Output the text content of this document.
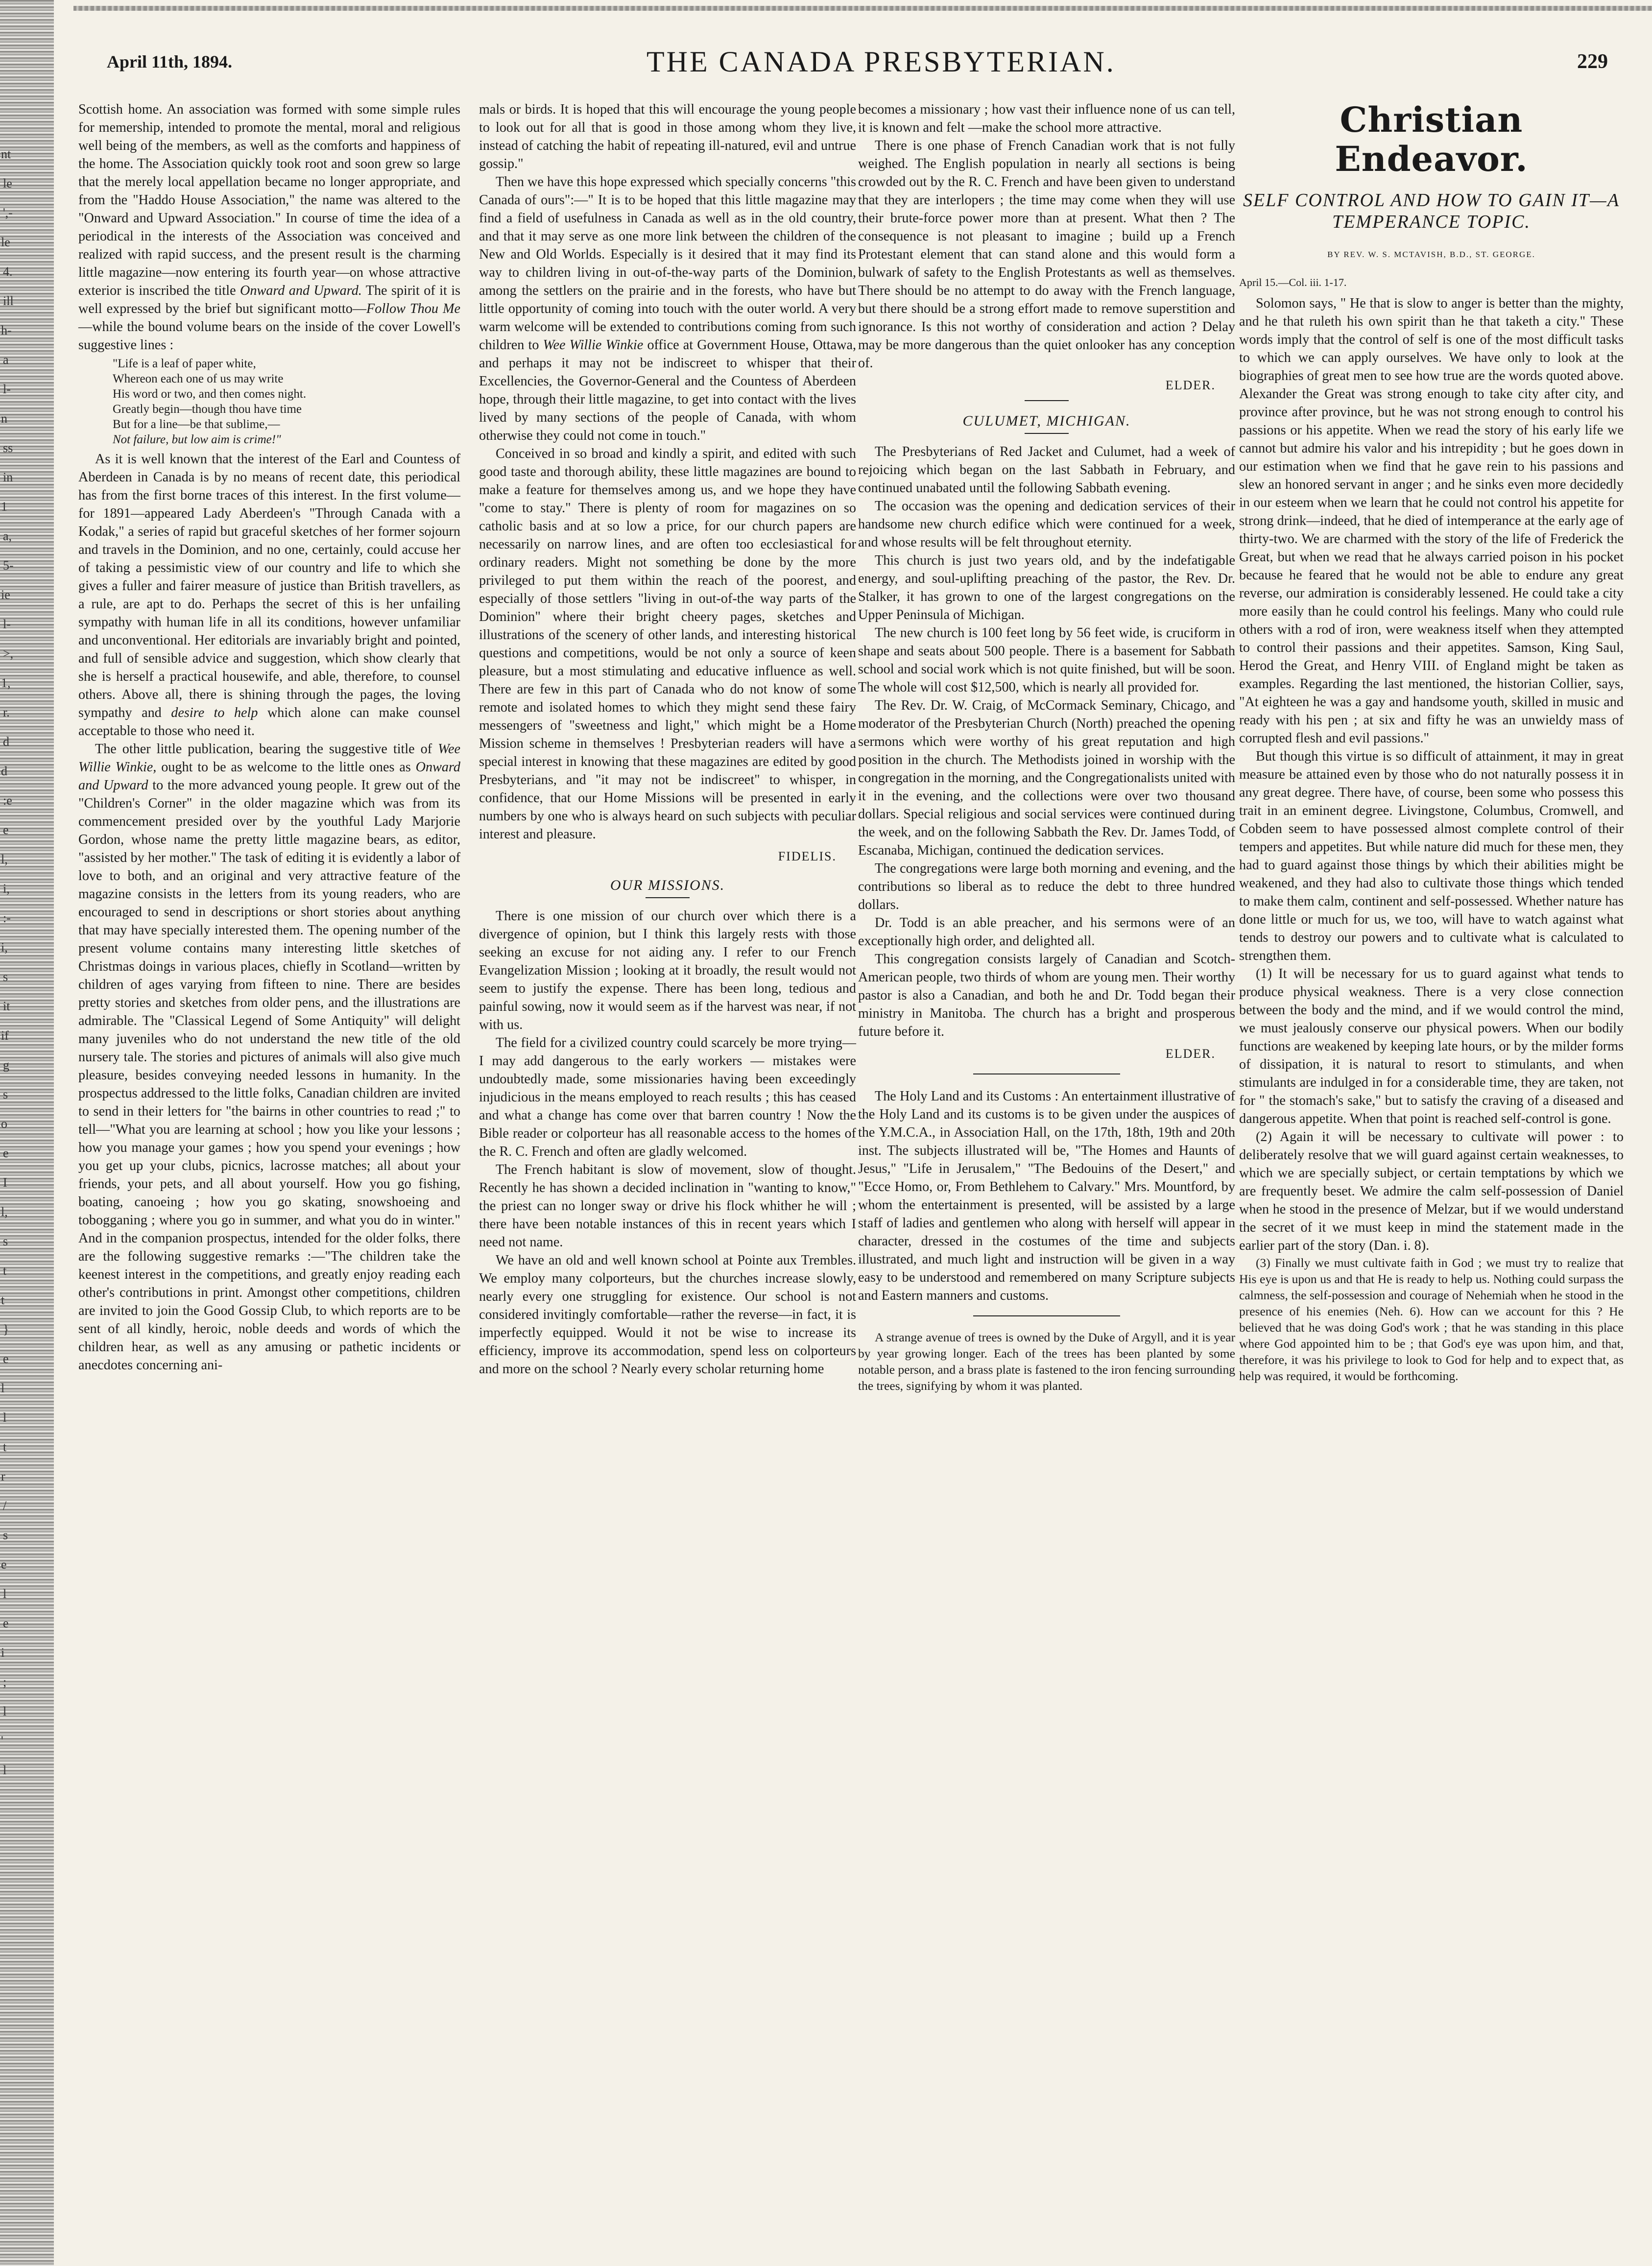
nt
le
',-
le
4.
ill
h-
a
l-
n
ss
in
1
a,
5-
ie
l-
>,
1,
r.
d
d
:e
e
l,
i,
:-
i,
s
it
if
g
s
o
e
I
l,
s
t
t
}
e
l
l
t
r
/
s
e
l
e
i
;
l
'
l
April 11th, 1894.	THE CANADA PRESBYTERIAN.	229

Scottish home. An association was formed with some simple rules for memership, intended to promote the mental, moral and religious well being of the members, as well as the comforts and happiness of the home. The Association quickly took root and soon grew so large that the merely local appellation became no longer appropriate, and from the "Haddo House Association," the name was altered to the "Onward and Upward Association." In course of time the idea of a periodical in the interests of the Association was conceived and realized with rapid success, and the present result is the charming little magazine—now entering its fourth year—on whose attractive exterior is inscribed the title Onward and Upward. The spirit of it is well expressed by the brief but significant motto—Follow Thou Me—while the bound volume bears on the inside of the cover Lowell's suggestive lines :

"Life is a leaf of paper white,
Whereon each one of us may write
His word or two, and then comes night.
Greatly begin—though thou have time
But for a line—be that sublime,—
Not failure, but low aim is crime!"

As it is well known that the interest of the Earl and Countess of Aberdeen in Canada is by no means of recent date, this periodical has from the first borne traces of this interest. In the first volume—for 1891—appeared Lady Aberdeen's "Through Canada with a Kodak," a series of rapid but graceful sketches of her former sojourn and travels in the Dominion, and no one, certainly, could accuse her of taking a pessimistic view of our country and life to which she gives a fuller and fairer measure of justice than British travellers, as a rule, are apt to do. Perhaps the secret of this is her unfailing sympathy with human life in all its conditions, however unfamiliar and unconventional. Her editorials are invariably bright and pointed, and full of sensible advice and suggestion, which show clearly that she is herself a practical housewife, and able, therefore, to counsel others. Above all, there is shining through the pages, the loving sympathy and desire to help which alone can make counsel acceptable to those who need it.

The other little publication, bearing the suggestive title of Wee Willie Winkie, ought to be as welcome to the little ones as Onward and Upward to the more advanced young people. It grew out of the "Children's Corner" in the older magazine which was from its commencement presided over by the youthful Lady Marjorie Gordon, whose name the pretty little magazine bears, as editor, "assisted by her mother." The task of editing it is evidently a labor of love to both, and an original and very attractive feature of the magazine consists in the letters from its young readers, who are encouraged to send in descriptions or short stories about anything that may have specially interested them. The opening number of the present volume contains many interesting little sketches of Christmas doings in various places, chiefly in Scotland—written by children of ages varying from fifteen to nine. There are besides pretty stories and sketches from older pens, and the illustrations are admirable. The "Classical Legend of Some Antiquity" will delight many juveniles who do not understand the new title of the old nursery tale. The stories and pictures of animals will also give much pleasure, besides conveying needed lessons in humanity. In the prospectus addressed to the little folks, Canadian children are invited to send in their letters for "the bairns in other countries to read ;" to tell—"What you are learning at school ; how you like your lessons ; how you manage your games ; how you spend your evenings ; how you get up your clubs, picnics, lacrosse matches; all about your friends, your pets, and all about yourself. How you go fishing, boating, canoeing ; how you go skating, snowshoeing and tobogganing ; where you go in summer, and what you do in winter." And in the companion prospectus, intended for the older folks, there are the following suggestive remarks :—"The children take the keenest interest in the competitions, and greatly enjoy reading each other's contributions in print. Amongst other competitions, children are invited to join the Good Gossip Club, to which reports are to be sent of all kindly, heroic, noble deeds and words of which the children hear, as well as any amusing or pathetic incidents or anecdotes concerning ani-

mals or birds. It is hoped that this will encourage the young people to look out for all that is good in those among whom they live, instead of catching the habit of repeating ill-natured, evil and untrue gossip."

Then we have this hope expressed which specially concerns "this Canada of ours":—" It is to be hoped that this little magazine may find a field of usefulness in Canada as well as in the old country, and that it may serve as one more link between the children of the New and Old Worlds. Especially is it desired that it may find its way to children living in out-of-the-way parts of the Dominion, among the settlers on the prairie and in the forests, who have but little opportunity of coming into touch with the outer world. A very warm welcome will be extended to contributions coming from such children to Wee Willie Winkie office at Government House, Ottawa, and perhaps it may not be indiscreet to whisper that their Excellencies, the Governor-General and the Countess of Aberdeen hope, through their little magazine, to get into contact with the lives lived by many sections of the people of Canada, with whom otherwise they could not come in touch."

Conceived in so broad and kindly a spirit, and edited with such good taste and thorough ability, these little magazines are bound to make a feature for themselves among us, and we hope they have "come to stay." There is plenty of room for magazines on so catholic basis and at so low a price, for our church papers are necessarily on narrow lines, and are often too ecclesiastical for ordinary readers. Might not something be done by the more privileged to put them within the reach of the poorest, and especially of those settlers "living in out-of-the way parts of the Dominion" where their bright cheery pages, sketches and illustrations of the scenery of other lands, and interesting historical questions and competitions, would be not only a source of keen pleasure, but a most stimulating and educative influence as well. There are few in this part of Canada who do not know of some remote and isolated homes to which they might send these fairy messengers of "sweetness and light," which might be a Home Mission scheme in themselves ! Presbyterian readers will have a special interest in knowing that these magazines are edited by good Presbyterians, and "it may not be indiscreet" to whisper, in confidence, that our Home Missions will be presented in early numbers by one who is always heard on such subjects with peculiar interest and pleasure.

FIDELIS.

OUR MISSIONS.

There is one mission of our church over which there is a divergence of opinion, but I think this largely rests with those seeking an excuse for not aiding any. I refer to our French Evangelization Mission ; looking at it broadly, the result would not seem to justify the expense. There has been long, tedious and painful sowing, now it would seem as if the harvest was near, if not with us.

The field for a civilized country could scarcely be more trying—I may add dangerous to the early workers — mistakes were undoubtedly made, some missionaries having been exceedingly injudicious in the means employed to reach results ; this has ceased and what a change has come over that barren country ! Now the Bible reader or colporteur has all reasonable access to the homes of the R. C. French and often are gladly welcomed.

The French habitant is slow of movement, slow of thought. Recently he has shown a decided inclination in "wanting to know," the priest can no longer sway or drive his flock whither he will ; there have been notable instances of this in recent years which I need not name.

We have an old and well known school at Pointe aux Trembles. We employ many colporteurs, but the churches increase slowly, nearly every one struggling for existence. Our school is not considered invitingly comfortable—rather the reverse—in fact, it is imperfectly equipped. Would it not be wise to increase its efficiency, improve its accommodation, spend less on colporteurs and more on the school ? Nearly every scholar returning home

becomes a missionary ; how vast their influence none of us can tell, it is known and felt —make the school more attractive.

There is one phase of French Canadian work that is not fully weighed. The English population in nearly all sections is being crowded out by the R. C. French and have been given to understand that they are interlopers ; the time may come when they will use their brute-force power more than at present. What then ? The consequence is not pleasant to imagine ; build up a French Protestant element that can stand alone and this would form a bulwark of safety to the English Protestants as well as themselves. There should be no attempt to do away with the French language, but there should be a strong effort made to remove superstition and ignorance. Is this not worthy of consideration and action ? Delay may be more dangerous than the quiet onlooker has any conception of.

ELDER.

CULUMET, MICHIGAN.

The Presbyterians of Red Jacket and Culumet, had a week of rejoicing which began on the last Sabbath in February, and continued unabated until the following Sabbath evening.

The occasion was the opening and dedication services of their handsome new church edifice which were continued for a week, and whose results will be felt throughout eternity.

This church is just two years old, and by the indefatigable energy, and soul-uplifting preaching of the pastor, the Rev. Dr. Stalker, it has grown to one of the largest congregations on the Upper Peninsula of Michigan.

The new church is 100 feet long by 56 feet wide, is cruciform in shape and seats about 500 people. There is a basement for Sabbath school and social work which is not quite finished, but will be soon. The whole will cost $12,500, which is nearly all provided for.

The Rev. Dr. W. Craig, of McCormack Seminary, Chicago, and moderator of the Presbyterian Church (North) preached the opening sermons which were worthy of his great reputation and high position in the church. The Methodists joined in worship with the congregation in the morning, and the Congregationalists united with it in the evening, and the collections were over two thousand dollars. Special religious and social services were continued during the week, and on the following Sabbath the Rev. Dr. James Todd, of Escanaba, Michigan, continued the dedication services.

The congregations were large both morning and evening, and the contributions so liberal as to reduce the debt to three hundred dollars.

Dr. Todd is an able preacher, and his sermons were of an exceptionally high order, and delighted all.

This congregation consists largely of Canadian and Scotch-American people, two thirds of whom are young men. Their worthy pastor is also a Canadian, and both he and Dr. Todd began their ministry in Manitoba. The church has a bright and prosperous future before it.

ELDER.

The Holy Land and its Customs : An entertainment illustrative of the Holy Land and its customs is to be given under the auspices of the Y.M.C.A., in Association Hall, on the 17th, 18th, 19th and 20th inst. The subjects illustrated will be, "The Homes and Haunts of Jesus," "Life in Jerusalem," "The Bedouins of the Desert," and "Ecce Homo, or, From Bethlehem to Calvary." Mrs. Mountford, by whom the entertainment is presented, will be assisted by a large staff of ladies and gentlemen who along with herself will appear in character, dressed in the costumes of the time and subjects illustrated, and much light and instruction will be given in a way easy to be understood and remembered on many Scripture subjects and Eastern manners and customs.

A strange avenue of trees is owned by the Duke of Argyll, and it is year by year growing longer. Each of the trees has been planted by some notable person, and a brass plate is fastened to the iron fencing surrounding the trees, signifying by whom it was planted.

Christian Endeavor.

SELF CONTROL AND HOW TO GAIN IT—A TEMPERANCE TOPIC.

BY REV. W. S. MCTAVISH, B.D., ST. GEORGE.

April 15.—Col. iii. 1-17.

Solomon says, " He that is slow to anger is better than the mighty, and he that ruleth his own spirit than he that taketh a city." These words imply that the control of self is one of the most difficult tasks to which we can apply ourselves. We have only to look at the biographies of great men to see how true are the words quoted above. Alexander the Great was strong enough to take city after city, and province after province, but he was not strong enough to control his passions or his appetite. When we read the story of his early life we cannot but admire his valor and his intrepidity ; but he goes down in our estimation when we find that he gave rein to his passions and slew an honored servant in anger ; and he sinks even more decidedly in our esteem when we learn that he could not control his appetite for strong drink—indeed, that he died of intemperance at the early age of thirty-two. We are charmed with the story of the life of Frederick the Great, but when we read that he always carried poison in his pocket because he feared that he would not be able to endure any great reverse, our admiration is considerably lessened. He could take a city more easily than he could control his feelings. Many who could rule others with a rod of iron, were weakness itself when they attempted to control their passions and their appetites. Samson, King Saul, Herod the Great, and Henry VIII. of England might be taken as examples. Regarding the last mentioned, the historian Collier, says, "At eighteen he was a gay and handsome youth, skilled in music and ready with his pen ; at six and fifty he was an unwieldy mass of corrupted flesh and evil passions."

But though this virtue is so difficult of attainment, it may in great measure be attained even by those who do not naturally possess it in any great degree. There have, of course, been some who possess this trait in an eminent degree. Livingstone, Columbus, Cromwell, and Cobden seem to have possessed almost complete control of their tempers and appetites. But while nature did much for these men, they had to guard against those things by which their abilities might be weakened, and they had also to cultivate those things which tended to make them calm, continent and self-possessed. Whether nature has done little or much for us, we too, will have to watch against what tends to destroy our powers and to cultivate what is calculated to strengthen them.

(1) It will be necessary for us to guard against what tends to produce physical weakness. There is a very close connection between the body and the mind, and if we would control the mind, we must jealously conserve our physical powers. When our bodily functions are weakened by keeping late hours, or by the milder forms of dissipation, it is natural to resort to stimulants, and when stimulants are indulged in for a considerable time, they are taken, not for " the stomach's sake," but to satisfy the craving of a diseased and dangerous appetite. When that point is reached self-control is gone.

(2) Again it will be necessary to cultivate will power : to deliberately resolve that we will guard against certain weaknesses, to which we are specially subject, or certain temptations by which we are frequently beset. We admire the calm self-possession of Daniel when he stood in the presence of Melzar, but if we would understand the secret of it we must keep in mind the statement made in the earlier part of the story (Dan. i. 8).

(3) Finally we must cultivate faith in God ; we must try to realize that His eye is upon us and that He is ready to help us. Nothing could surpass the calmness, the self-possession and courage of Nehemiah when he stood in the presence of his enemies (Neh. 6). How can we account for this ? He believed that he was doing God's work ; that he was standing in this place where God appointed him to be ; that God's eye was upon him, and that, therefore, it was his privilege to look to God for help and to expect that, as help was required, it would be forthcoming.
